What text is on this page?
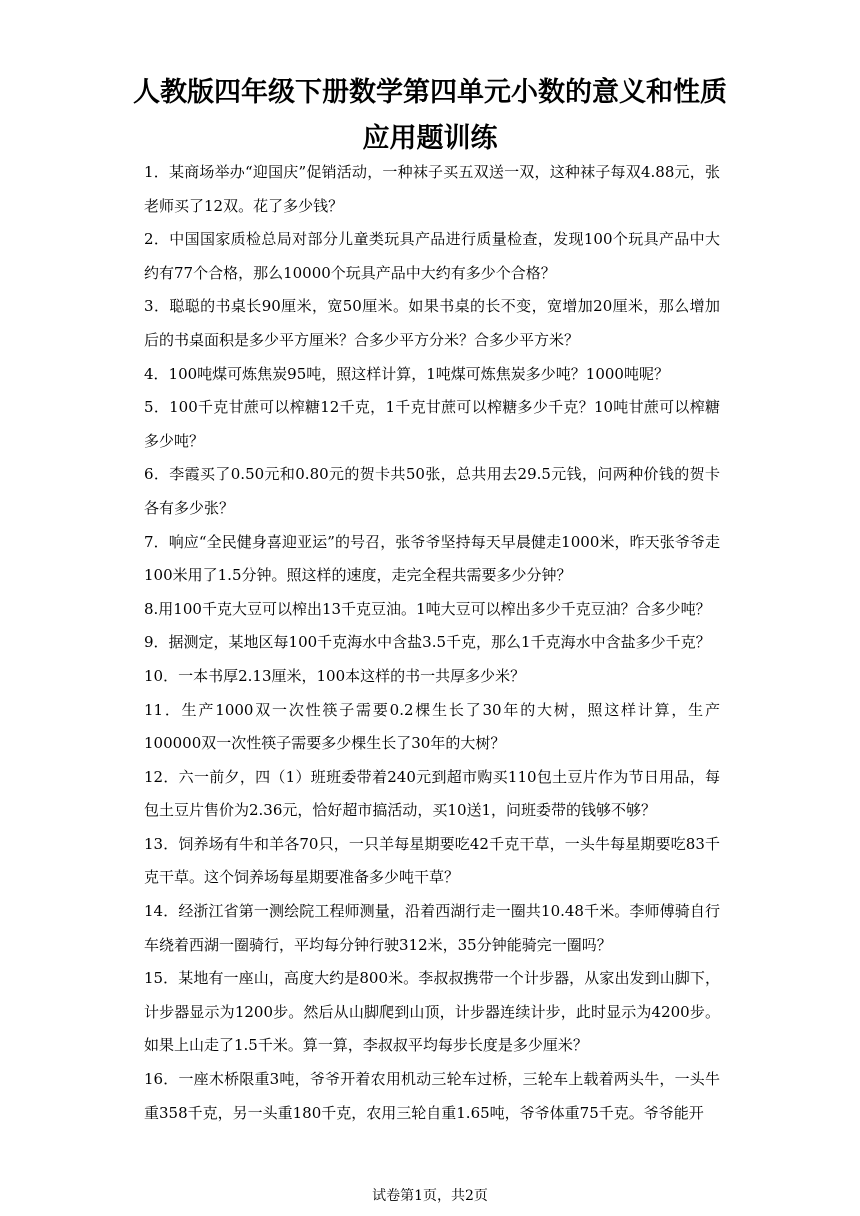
人教版四年级下册数学第四单元小数的意义和性质应用题训练
1．某商场举办“迎国庆”促销活动，一种袜子买五双送一双，这种袜子每双4.88元，张老师买了12双。花了多少钱？
2．中国国家质检总局对部分儿童类玩具产品进行质量检查，发现100个玩具产品中大约有77个合格，那么10000个玩具产品中大约有多少个合格？
3．聪聪的书桌长90厘米，宽50厘米。如果书桌的长不变，宽增加20厘米，那么增加后的书桌面积是多少平方厘米？合多少平方分米？合多少平方米？
4．100吨煤可炼焦炭95吨，照这样计算，1吨煤可炼焦炭多少吨？1000吨呢？
5．100千克甘蔗可以榨糖12千克，1千克甘蔗可以榨糖多少千克？10吨甘蔗可以榨糖多少吨？
6．李霞买了0.50元和0.80元的贺卡共50张，总共用去29.5元钱，问两种价钱的贺卡各有多少张？
7．响应“全民健身喜迎亚运”的号召，张爷爷坚持每天早晨健走1000米，昨天张爷爷走100米用了1.5分钟。照这样的速度，走完全程共需要多少分钟？
8.用100千克大豆可以榨出13千克豆油。1吨大豆可以榨出多少千克豆油？合多少吨？
9．据测定，某地区每100千克海水中含盐3.5千克，那么1千克海水中含盐多少千克？
10．一本书厚2.13厘米，100本这样的书一共厚多少米？
11．生产1000双一次性筷子需要0.2棵生长了30年的大树，照这样计算，生产100000双一次性筷子需要多少棵生长了30年的大树？
12．六一前夕，四（1）班班委带着240元到超市购买110包土豆片作为节日用品，每包土豆片售价为2.36元，恰好超市搞活动，买10送1，问班委带的钱够不够？
13．饲养场有牛和羊各70只，一只羊每星期要吃42千克干草，一头牛每星期要吃83千克干草。这个饲养场每星期要准备多少吨干草？
14．经浙江省第一测绘院工程师测量，沿着西湖行走一圈共10.48千米。李师傅骑自行车绕着西湖一圈骑行，平均每分钟行驶312米，35分钟能骑完一圈吗？
15．某地有一座山，高度大约是800米。李叔叔携带一个计步器，从家出发到山脚下，计步器显示为1200步。然后从山脚爬到山顶，计步器连续计步，此时显示为4200步。如果上山走了1.5千米。算一算，李叔叔平均每步长度是多少厘米？
16．一座木桥限重3吨，爷爷开着农用机动三轮车过桥，三轮车上载着两头牛，一头牛重358千克，另一头重180千克，农用三轮自重1.65吨，爷爷体重75千克。爷爷能开
试卷第1页，共2页
